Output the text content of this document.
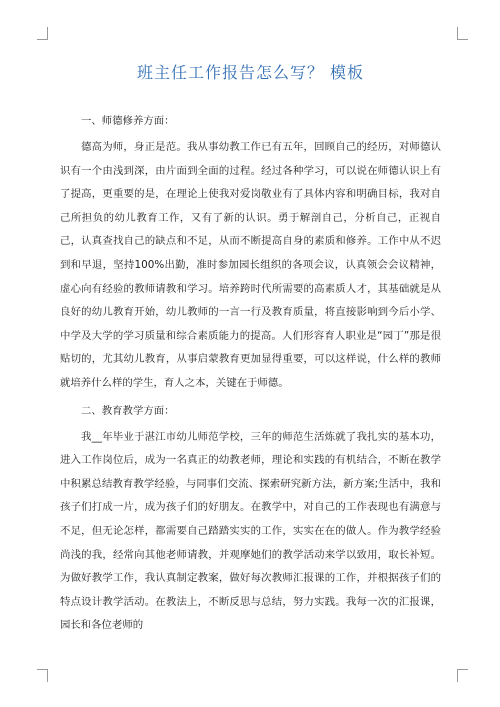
班主任工作报告怎么写？ 模板

一、师德修养方面：

德高为师，身正是范。我从事幼教工作已有五年，回顾自己的经历，对师德认识有一个由浅到深，由片面到全面的过程。经过各种学习，可以说在师德认识上有了提高，更重要的是，在理论上使我对爱岗敬业有了具体内容和明确目标，我对自己所担负的幼儿教育工作，又有了新的认识。勇于解剖自己，分析自己，正视自己，认真查找自己的缺点和不足，从而不断提高自身的素质和修养。工作中从不迟到和早退，坚持100%出勤，准时参加园长组织的各项会议，认真领会会议精神，虚心向有经验的教师请教和学习。培养跨时代所需要的高素质人才，其基础就是从良好的幼儿教育开始，幼儿教师的一言一行及教育质量，将直接影响到今后小学、中学及大学的学习质量和综合素质能力的提高。人们形容育人职业是“园丁”那是很贴切的，尤其幼儿教育，从事启蒙教育更加显得重要，可以这样说，什么样的教师就培养什么样的学生，育人之本，关键在于师德。

二、教育教学方面：

我__年毕业于湛江市幼儿师范学校，三年的师范生活炼就了我扎实的基本功，进入工作岗位后，成为一名真正的幼教老师，理论和实践的有机结合，不断在教学中积累总结教育教学经验，与同事们交流、探索研究新方法，新方案;生活中，我和孩子们打成一片，成为孩子们的好朋友。在教学中，对自己的工作表现也有满意与不足，但无论怎样，都需要自己踏踏实实的工作，实实在在的做人。作为教学经验尚浅的我，经常向其他老师请教，并观摩她们的教学活动来学以致用，取长补短。为做好教学工作，我认真制定教案，做好每次教师汇报课的工作，并根据孩子们的特点设计教学活动。在教法上，不断反思与总结，努力实践。我每一次的汇报课，园长和各位老师的
